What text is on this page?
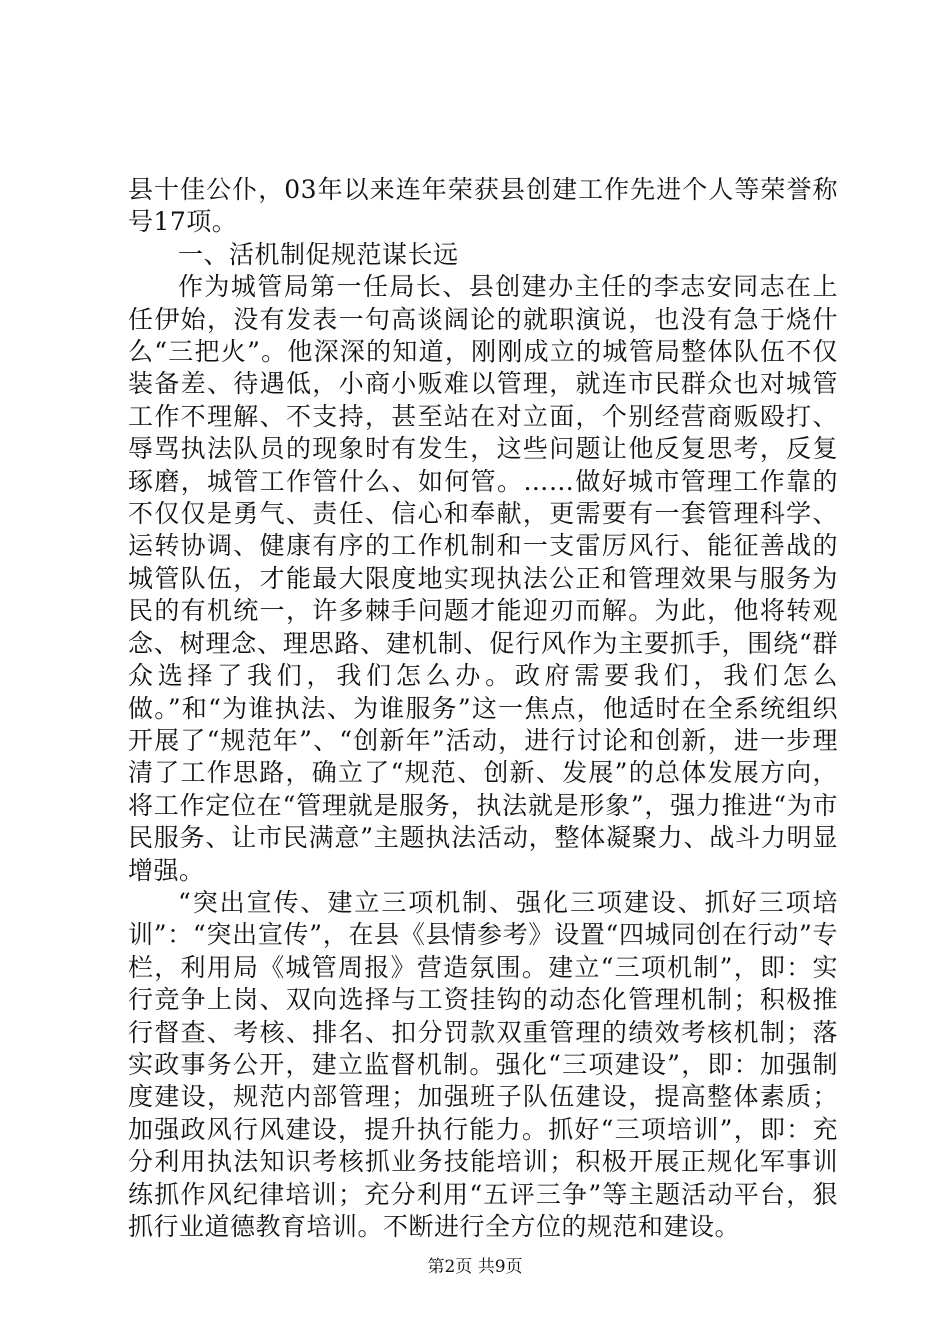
县十佳公仆，03年以来连年荣获县创建工作先进个人等荣誉称号17项。

一、活机制促规范谋长远

作为城管局第一任局长、县创建办主任的李志安同志在上任伊始，没有发表一句高谈阔论的就职演说，也没有急于烧什么“三把火”。他深深的知道，刚刚成立的城管局整体队伍不仅装备差、待遇低，小商小贩难以管理，就连市民群众也对城管工作不理解、不支持，甚至站在对立面，个别经营商贩殴打、辱骂执法队员的现象时有发生，这些问题让他反复思考，反复琢磨，城管工作管什么、如何管。……做好城市管理工作靠的不仅仅是勇气、责任、信心和奉献，更需要有一套管理科学、运转协调、健康有序的工作机制和一支雷厉风行、能征善战的城管队伍，才能最大限度地实现执法公正和管理效果与服务为民的有机统一，许多棘手问题才能迎刃而解。为此，他将转观念、树理念、理思路、建机制、促行风作为主要抓手，围绕“群众选择了我们，我们怎么办。政府需要我们，我们怎么做。”和“为谁执法、为谁服务”这一焦点，他适时在全系统组织开展了“规范年”、“创新年”活动，进行讨论和创新，进一步理清了工作思路，确立了“规范、创新、发展”的总体发展方向，将工作定位在“管理就是服务，执法就是形象”，强力推进“为市民服务、让市民满意”主题执法活动，整体凝聚力、战斗力明显增强。

“突出宣传、建立三项机制、强化三项建设、抓好三项培训”：“突出宣传”，在县《县情参考》设置“四城同创在行动”专栏，利用局《城管周报》营造氛围。建立“三项机制”，即：实行竞争上岗、双向选择与工资挂钩的动态化管理机制；积极推行督查、考核、排名、扣分罚款双重管理的绩效考核机制；落实政事务公开，建立监督机制。强化“三项建设”，即：加强制度建设，规范内部管理；加强班子队伍建设，提高整体素质；加强政风行风建设，提升执行能力。抓好“三项培训”，即：充分利用执法知识考核抓业务技能培训；积极开展正规化军事训练抓作风纪律培训；充分利用“五评三争”等主题活动平台，狠抓行业道德教育培训。不断进行全方位的规范和建设。

第2页 共9页
